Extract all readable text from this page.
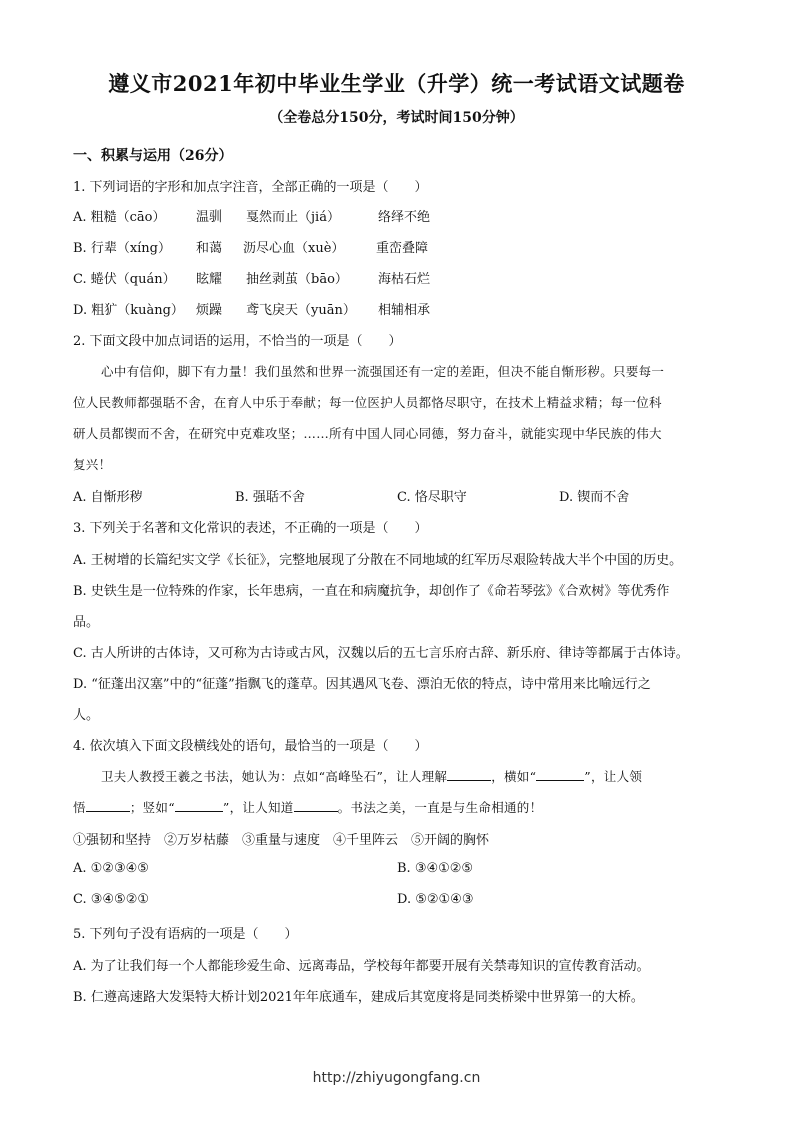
遵义市2021年初中毕业生学业（升学）统一考试语文试题卷
（全卷总分150分，考试时间150分钟）
一、积累与运用（26分）
1. 下列词语的字形和加点字注音，全部正确的一项是（　　）
A. 粗糙（cāo） 温驯 戛然而止（jiá）	络绎不绝
B. 行辈（xíng） 和蔼 沥尽心血（xuè） 重峦叠障
C. 蜷伏（quán） 眩耀 抽丝剥茧（bāo） 海枯石烂
D. 粗犷（kuàng） 烦躁 鸢飞戾天（yuān） 相辅相承
2. 下面文段中加点词语的运用，不恰当的一项是（　　）
心中有信仰，脚下有力量！我们虽然和世界一流强国还有一定的差距，但决不能自惭形秽。只要每一
位人民教师都强聒不舍，在育人中乐于奉献；每一位医护人员都恪尽职守，在技术上精益求精；每一位科
研人员都锲而不舍，在研究中克难攻坚；……所有中国人同心同德，努力奋斗，就能实现中华民族的伟大
复兴！
A. 自惭形秽	B. 强聒不舍	C. 恪尽职守	D. 锲而不舍
3. 下列关于名著和文化常识的表述，不正确的一项是（　　）
A. 王树增的长篇纪实文学《长征》，完整地展现了分散在不同地域的红军历尽艰险转战大半个中国的历史。
B. 史铁生是一位特殊的作家，长年患病，一直在和病魔抗争，却创作了《命若琴弦》《合欢树》等优秀作
品。
C. 古人所讲的古体诗，又可称为古诗或古风，汉魏以后的五七言乐府古辞、新乐府、律诗等都属于古体诗。
D. “征蓬出汉塞”中的“征蓬”指飘飞的蓬草。因其遇风飞卷、漂泊无依的特点，诗中常用来比喻远行之
人。
4. 依次填入下面文段横线处的语句，最恰当的一项是（　　）
卫夫人教授王羲之书法，她认为：点如“高峰坠石”，让人理解	，横如“	”，让人领
悟	；竖如“	”，让人知道	。书法之美，一直是与生命相通的！
①强韧和坚持　②万岁枯藤　③重量与速度　④千里阵云　⑤开阔的胸怀
A. ①②③④⑤	B. ③④①②⑤
C. ③④⑤②①	D. ⑤②①④③
5. 下列句子没有语病的一项是（　　）
A. 为了让我们每一个人都能珍爱生命、远离毒品，学校每年都要开展有关禁毒知识的宣传教育活动。
B. 仁遵高速路大发渠特大桥计划2021年年底通车，建成后其宽度将是同类桥梁中世界第一的大桥。
http://zhiyugongfang.cn
